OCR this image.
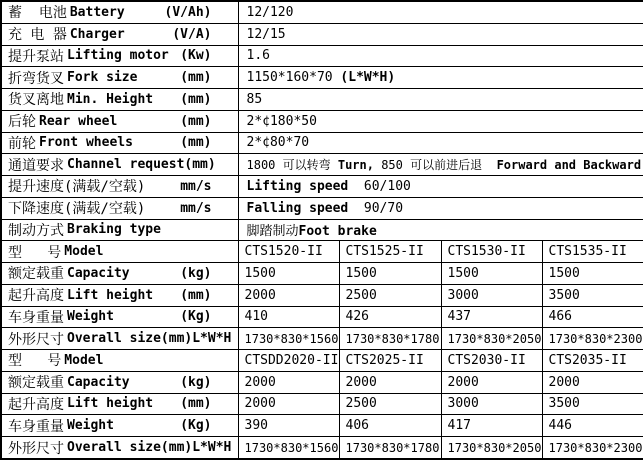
蓄  电池 Battery (V/Ah)	12/120			

充 电 器 Charger (V/A)	12/15			

提升泵站 Lifting motor (Kw)	1.6			

折弯货叉 Fork size (mm)	1150*160*70 (L*W*H)			

货叉离地 Min. Height (mm)	85			

后轮 Rear wheel (mm)	2*¢180*50			

前轮 Front wheels (mm)	2*¢80*70			

通道要求 Channel request (mm)	1800 可以转弯 Turn, 850 可以前进后退  Forward and Backward			

提升速度(满载/空载) mm/s	Lifting speed  60/100			

下降速度(满载/空载) mm/s	Falling speed  90/70			

制动方式 Braking type	脚踏制动Foot brake			

型   号 Model	CTS1520-II	CTS1525-II	CTS1530-II	CTS1535-II

额定载重 Capacity (kg)	1500	1500	1500	1500

起升高度 Lift height (mm)	2000	2500	3000	3500

车身重量 Weight (Kg)	410	426	437	466

外形尺寸 Overall size (mm)L*W*H	1730*830*1560	1730*830*1780	1730*830*2050	1730*830*2300

型   号 Model	CTSDD2020-II	CTS2025-II	CTS2030-II	CTS2035-II

额定载重 Capacity (kg)	2000	2000	2000	2000

起升高度 Lift height (mm)	2000	2500	3000	3500

车身重量 Weight (Kg)	390	406	417	446

外形尺寸 Overall size (mm)L*W*H	1730*830*1560	1730*830*1780	1730*830*2050	1730*830*2300
